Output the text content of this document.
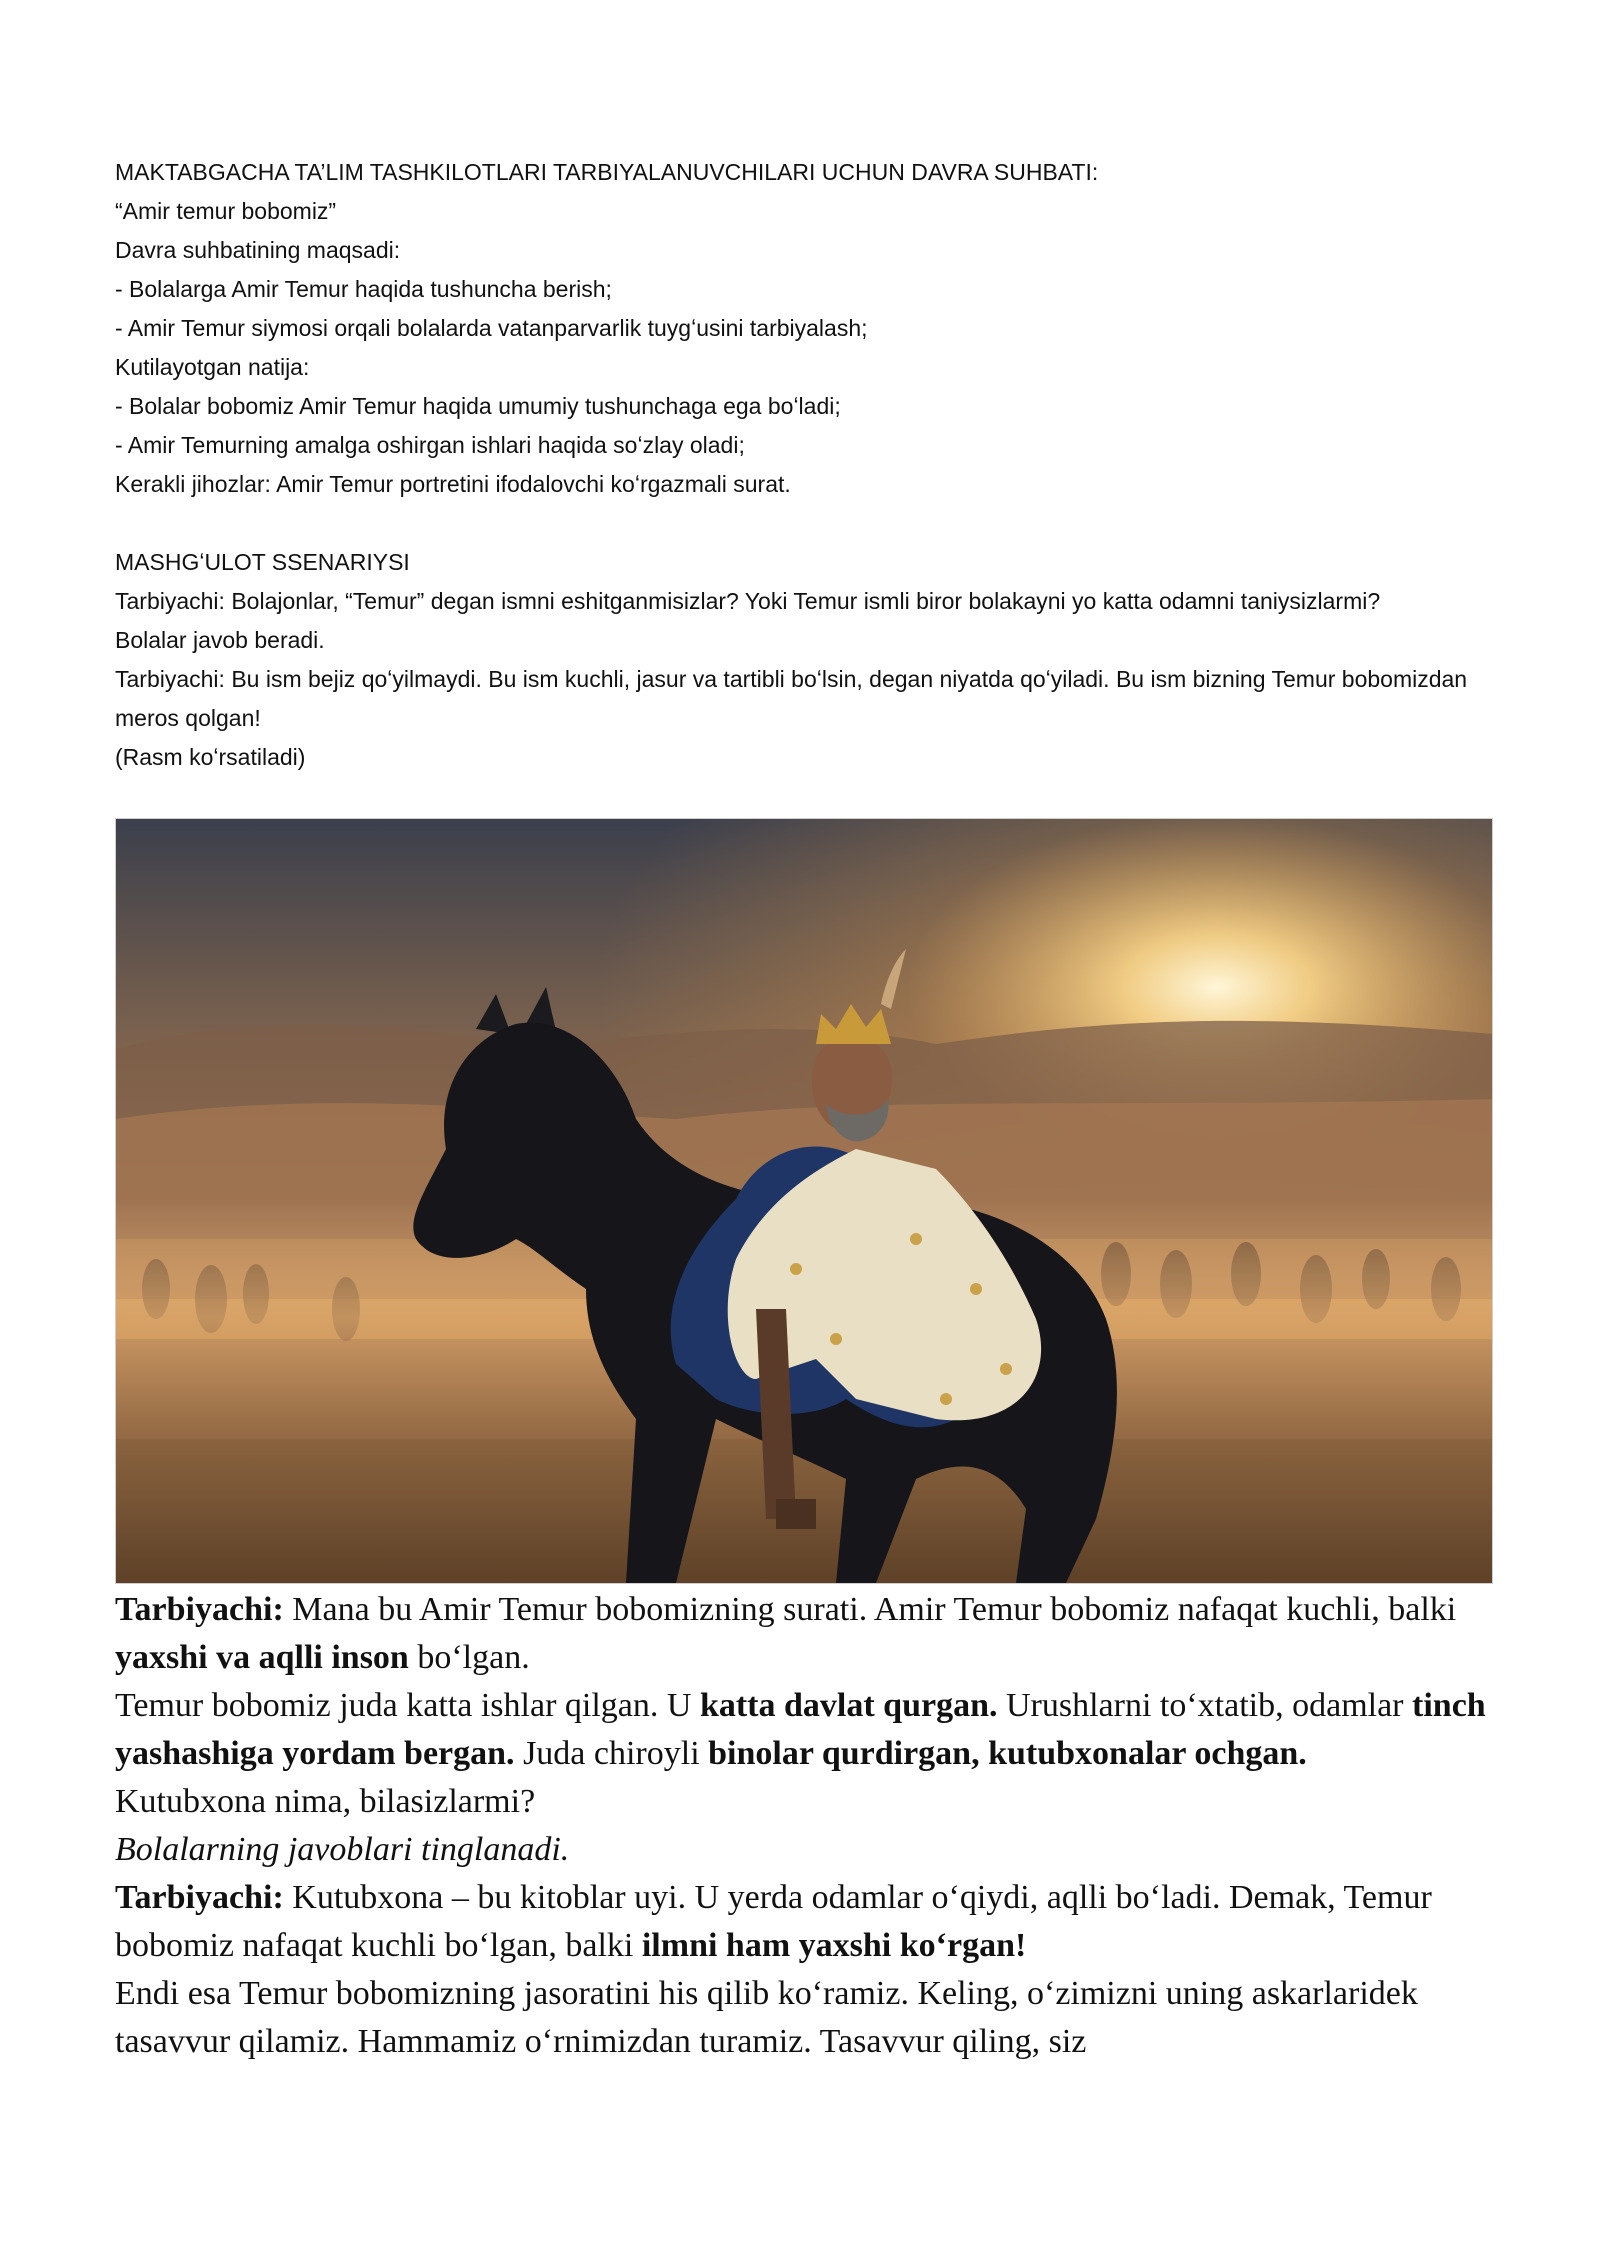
MAKTABGACHA TA’LIM TASHKILOTLARI TARBIYALANUVCHILARI UCHUN DAVRA SUHBATI:

“Amir temur bobomiz”

Davra suhbatining maqsadi:

- Bolalarga Amir Temur haqida tushuncha berish;

- Amir Temur siymosi orqali bolalarda vatanparvarlik tuygʻusini tarbiyalash;

Kutilayotgan natija:

- Bolalar bobomiz Amir Temur haqida umumiy tushunchaga ega boʻladi;

- Amir Temurning amalga oshirgan ishlari haqida soʻzlay oladi;

Kerakli jihozlar: Amir Temur portretini ifodalovchi koʻrgazmali surat.

MASHGʻULOT SSENARIYSI

Tarbiyachi: Bolajonlar, “Temur” degan ismni eshitganmisizlar? Yoki Temur ismli biror bolakayni yo katta odamni taniysizlarmi?

Bolalar javob beradi.

Tarbiyachi: Bu ism bejiz qoʻyilmaydi. Bu ism kuchli, jasur va tartibli boʻlsin, degan niyatda qoʻyiladi. Bu ism bizning Temur bobomizdan meros qolgan!

(Rasm koʻrsatiladi)

Tarbiyachi: Mana bu Amir Temur bobomizning surati. Amir Temur bobomiz nafaqat kuchli, balki yaxshi va aqlli inson boʻlgan.

Temur bobomiz juda katta ishlar qilgan. U katta davlat qurgan. Urushlarni toʻxtatib, odamlar tinch yashashiga yordam bergan. Juda chiroyli binolar qurdirgan, kutubxonalar ochgan.

Kutubxona nima, bilasizlarmi?

Bolalarning javoblari tinglanadi.

Tarbiyachi: Kutubxona – bu kitoblar uyi. U yerda odamlar oʻqiydi, aqlli boʻladi. Demak, Temur bobomiz nafaqat kuchli boʻlgan, balki ilmni ham yaxshi koʻrgan!

Endi esa Temur bobomizning jasoratini his qilib koʻramiz. Keling, oʻzimizni uning askarlaridek tasavvur qilamiz. Hammamiz oʻrnimizdan turamiz. Tasavvur qiling, siz
